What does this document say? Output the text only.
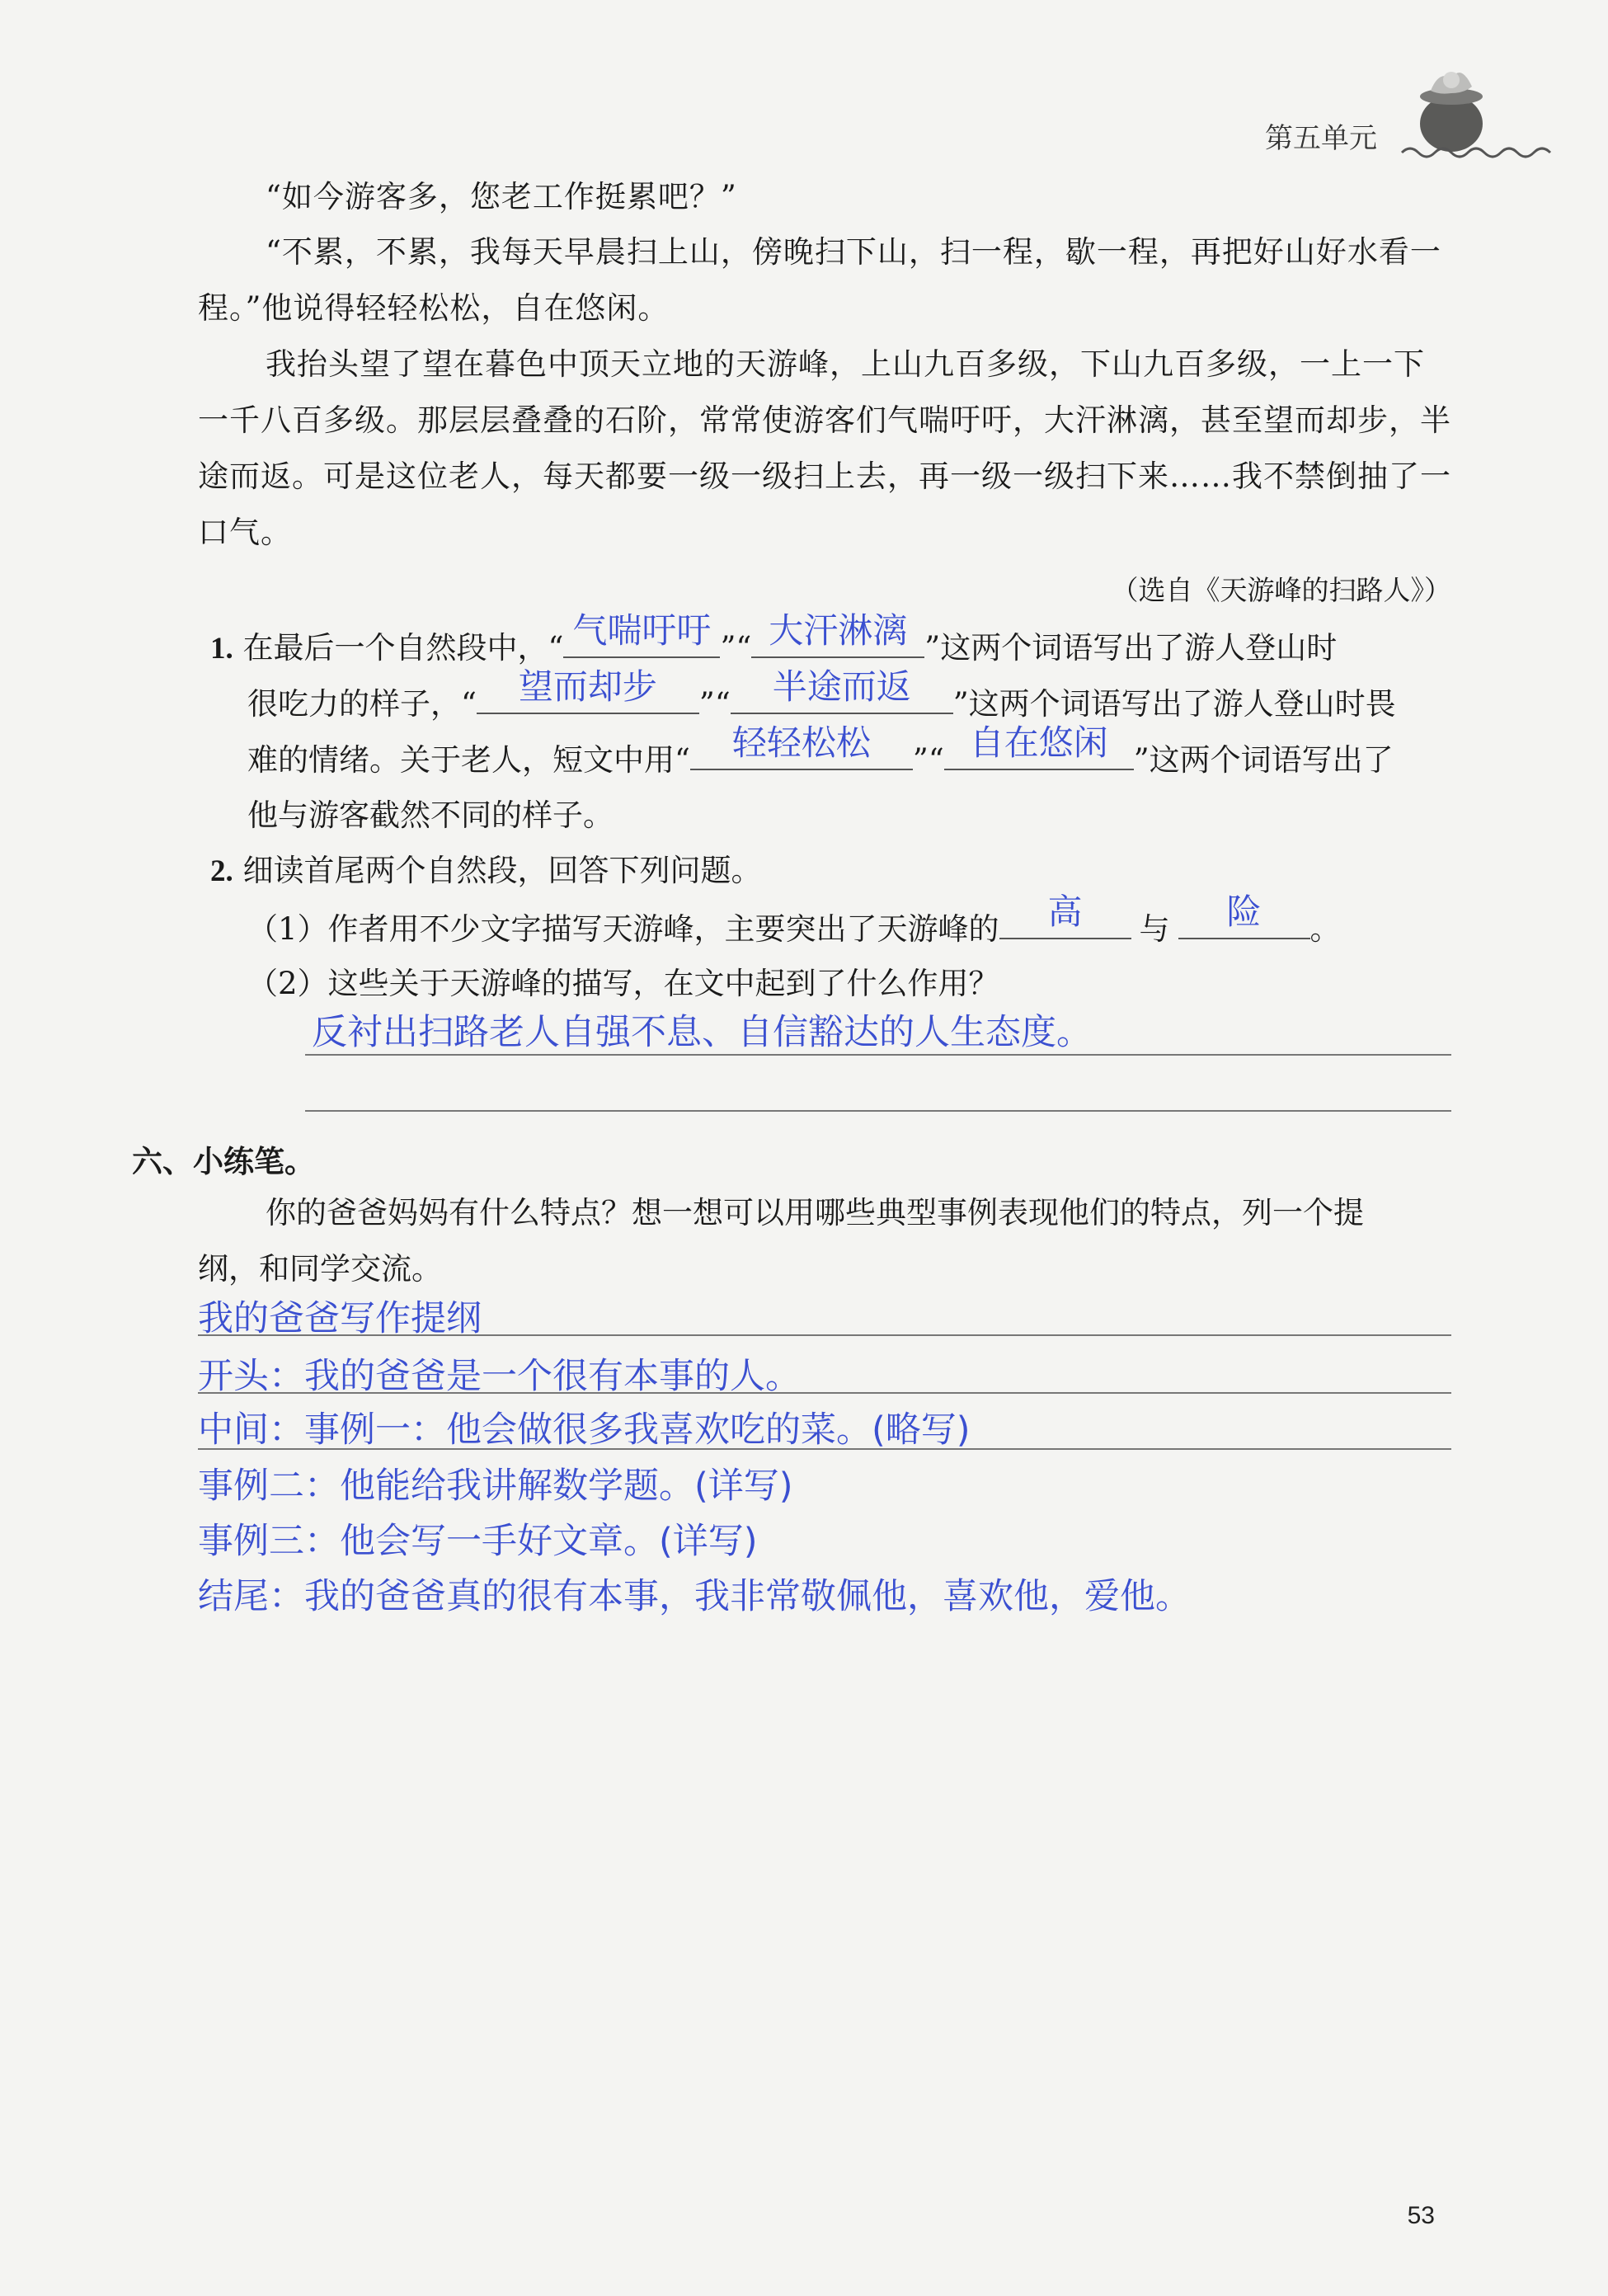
第五单元
“如今游客多，您老工作挺累吧？”
“不累，不累，我每天早晨扫上山，傍晚扫下山，扫一程，歇一程，再把好山好水看一程。”他说得轻轻松松，自在悠闲。
我抬头望了望在暮色中顶天立地的天游峰，上山九百多级，下山九百多级，一上一下一千八百多级。那层层叠叠的石阶，常常使游客们气喘吁吁，大汗淋漓，甚至望而却步，半途而返。可是这位老人，每天都要一级一级扫上去，再一级一级扫下来……我不禁倒抽了一口气。
（选自《天游峰的扫路人》）
1. 在最后一个自然段中，“ 气喘吁吁 ”“ 大汗淋漓 ”这两个词语写出了游人登山时
很吃力的样子，“	望而却步	”“	半途而返	”这两个词语写出了游人登山时畏
难的情绪。关于老人，短文中用“	轻轻松松	”“ 自在悠闲 ”这两个词语写出了
他与游客截然不同的样子。
2. 细读首尾两个自然段，回答下列问题。
（1）作者用不少文字描写天游峰，主要突出了天游峰的	高	与	险	。
（2）这些关于天游峰的描写，在文中起到了什么作用？
反衬出扫路老人自强不息、自信豁达的人生态度。
六、小练笔。
你的爸爸妈妈有什么特点？想一想可以用哪些典型事例表现他们的特点，列一个提
纲，和同学交流。
我的爸爸写作提纲
开头：我的爸爸是一个很有本事的人。
中间：事例一：他会做很多我喜欢吃的菜。(略写)
事例二：他能给我讲解数学题。(详写)
事例三：他会写一手好文章。(详写)
结尾：我的爸爸真的很有本事，我非常敬佩他，喜欢他，爱他。
53
